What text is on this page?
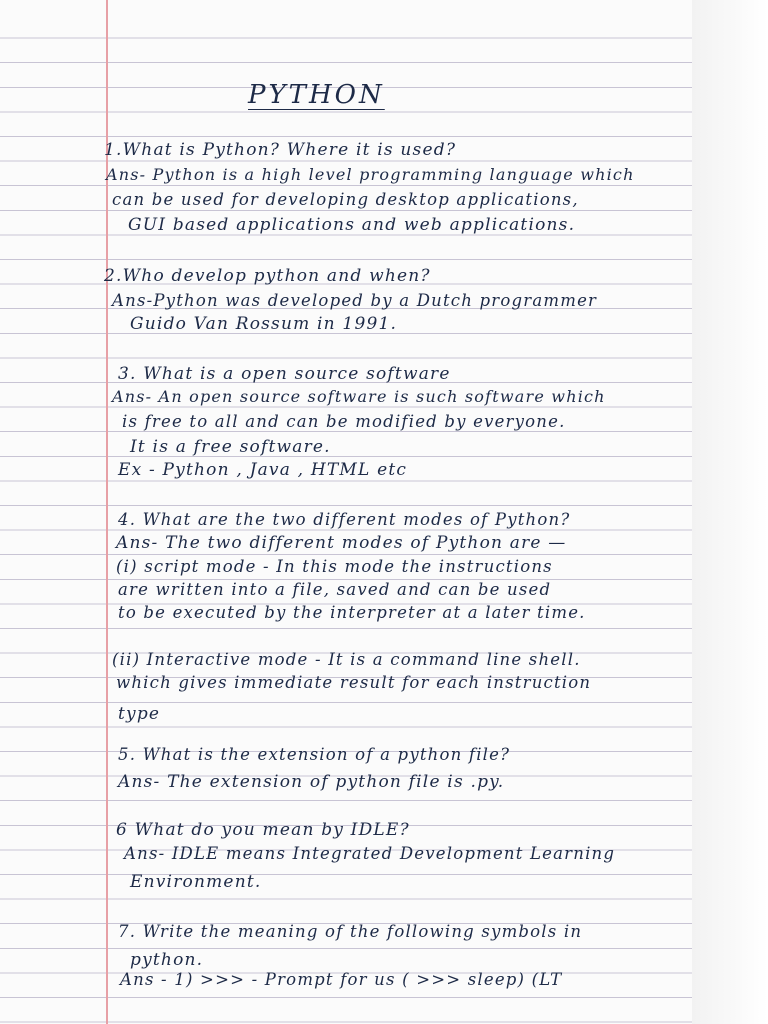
PYTHON
1.What is Python? Where it is used?
Ans- Python is a high level programming language which
can be used for developing desktop applications,
GUI based applications and web applications.
2.Who develop python and when?
Ans-Python was developed by a Dutch programmer
Guido Van Rossum in 1991.
3. What is a open source software
Ans- An open source software is such software which
is free to all and can be modified by everyone.
It is a free software.
Ex - Python , Java , HTML etc
4. What are the two different modes of Python?
Ans- The two different modes of Python are —
(i) script mode - In this mode the instructions
are written into a file, saved and can be used
to be executed by the interpreter at a later time.
(ii) Interactive mode - It is a command line shell.
which gives immediate result for each instruction
type
5. What is the extension of a python file?
Ans- The extension of python file is .py.
6 What do you mean by IDLE?
Ans- IDLE means Integrated Development Learning
Environment.
7. Write the meaning of the following symbols in
python.
Ans - 1) >>> - Prompt for us ( >>> sleep) (LT
